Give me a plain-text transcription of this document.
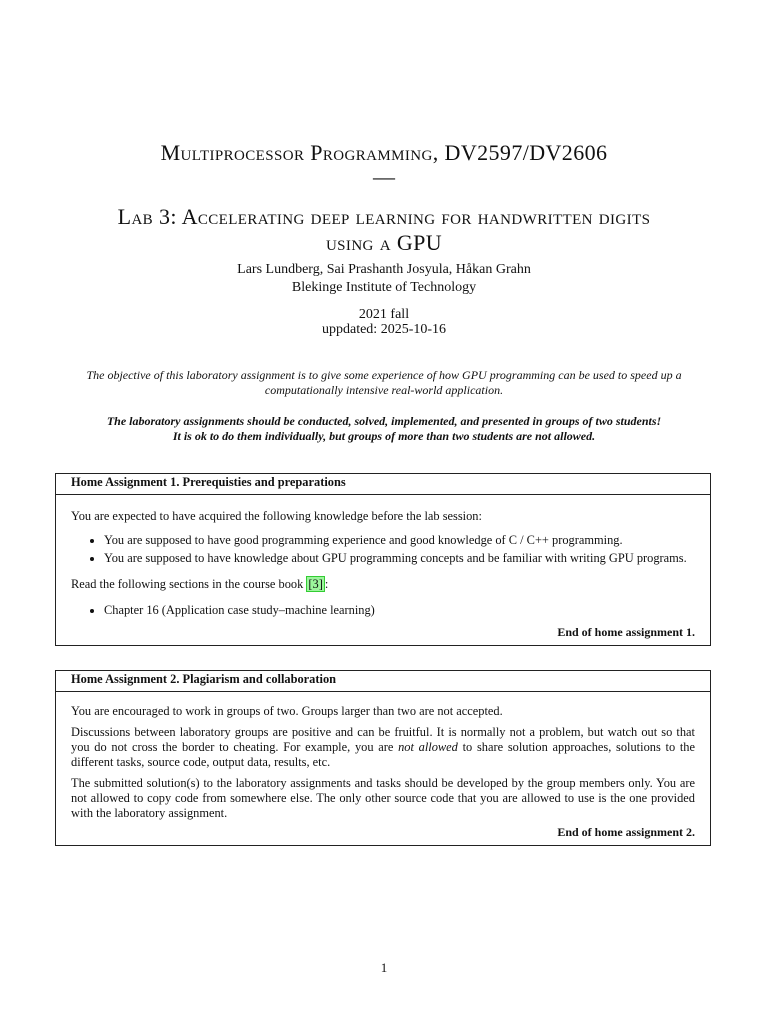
Multiprocessor Programming, DV2597/DV2606
—
Lab 3: Accelerating deep learning for handwritten digits
using a GPU
Lars Lundberg, Sai Prashanth Josyula, Håkan Grahn
Blekinge Institute of Technology
2021 fall
uppdated: 2025-10-16
The objective of this laboratory assignment is to give some experience of how GPU programming can be used to speed up a computationally intensive real-world application.
The laboratory assignments should be conducted, solved, implemented, and presented in groups of two students!
It is ok to do them individually, but groups of more than two students are not allowed.
Home Assignment 1. Prerequisties and preparations

You are expected to have acquired the following knowledge before the lab session:

• You are supposed to have good programming experience and good knowledge of C / C++ programming.
• You are supposed to have knowledge about GPU programming concepts and be familiar with writing GPU programs.

Read the following sections in the course book [3] :

• Chapter 16 (Application case study–machine learning)
End of home assignment 1.
Home Assignment 2. Plagiarism and collaboration

You are encouraged to work in groups of two. Groups larger than two are not accepted.

Discussions between laboratory groups are positive and can be fruitful. It is normally not a problem, but watch out so that you do not cross the border to cheating. For example, you are not allowed to share solution approaches, solutions to the different tasks, source code, output data, results, etc.

The submitted solution(s) to the laboratory assignments and tasks should be developed by the group members only. You are not allowed to copy code from somewhere else. The only other source code that you are allowed to use is the one provided with the laboratory assignment.

End of home assignment 2.
1
